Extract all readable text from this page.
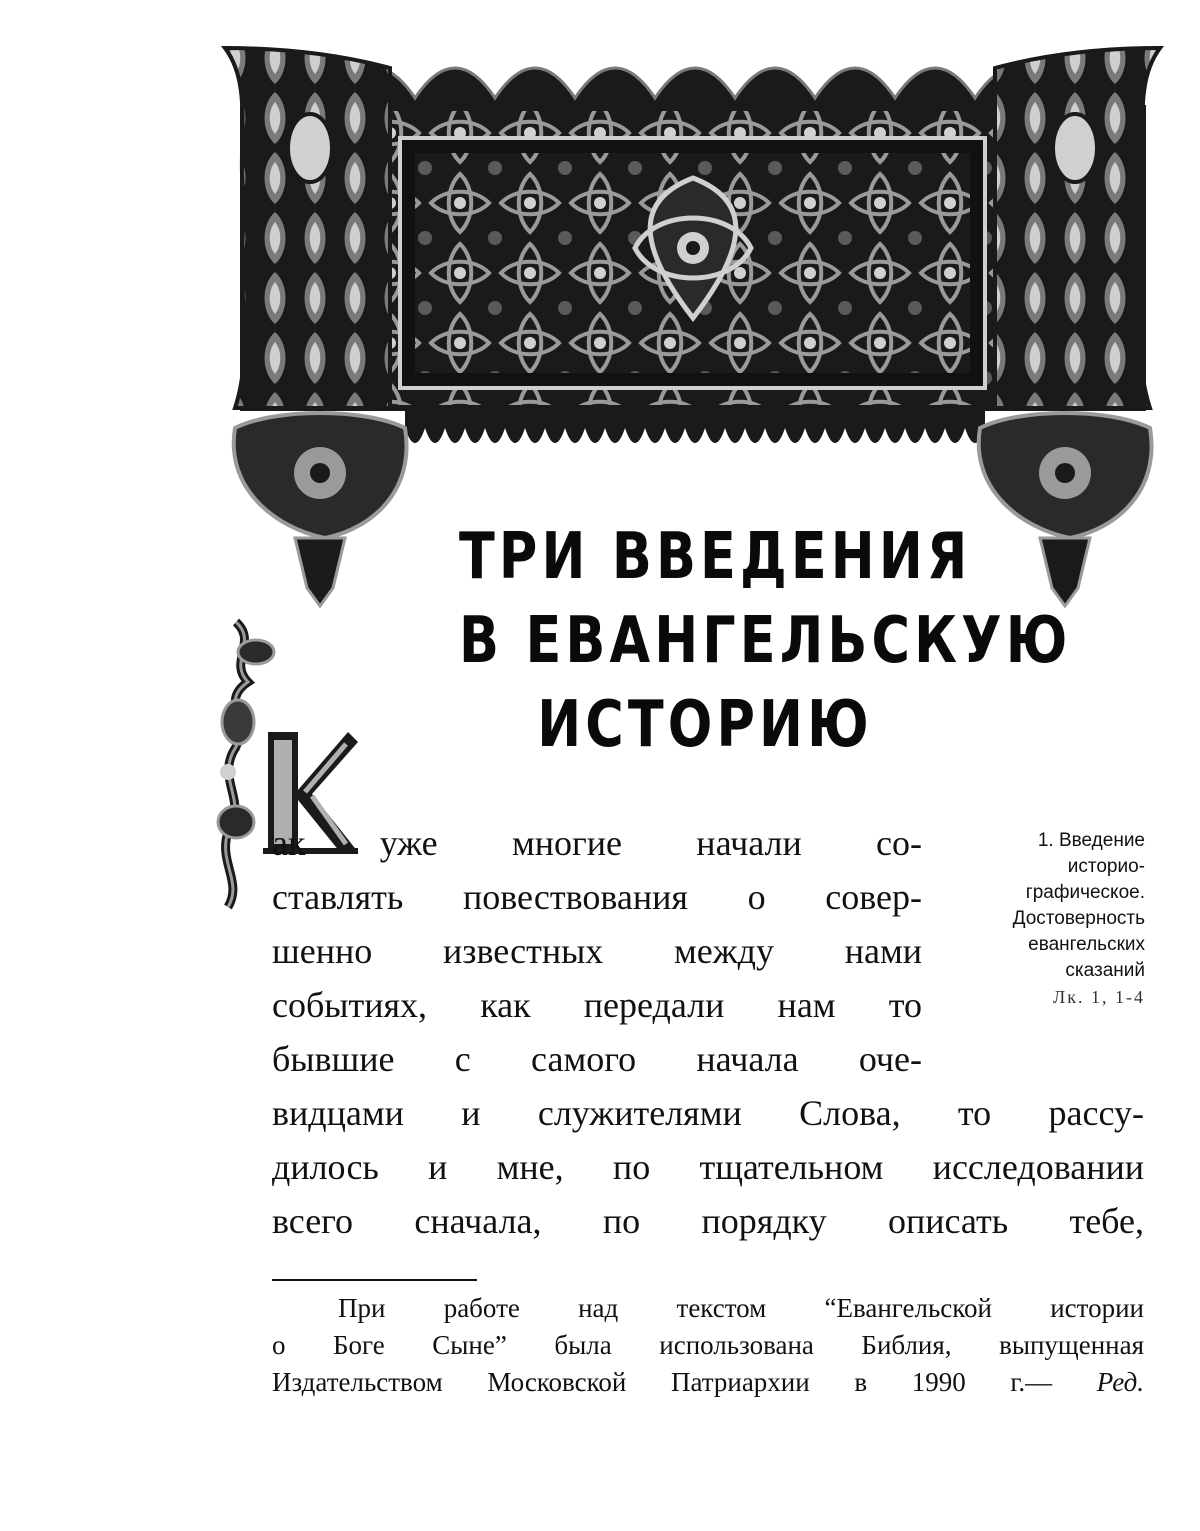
ТРИ ВВЕДЕНИЯ
В ЕВАНГЕЛЬСКУЮ
ИСТОРИЮ
ак уже многие начали со-
ставлять повествования о совер-
шенно известных между нами
событиях, как передали нам то
бывшие с самого начала оче-
1. Введение
историо-
графическое.
Достоверность
евангельских
сказаний
Лк. 1, 1-4
видцами и служителями Слова, то рассу-
дилось и мне, по тщательном исследовании
всего сначала, по порядку описать тебе,
При работе над текстом “Евангельской истории
о Боге Сыне” была использована Библия, выпущенная
Издательством Московской Патриархии в 1990 г.— Ред.
